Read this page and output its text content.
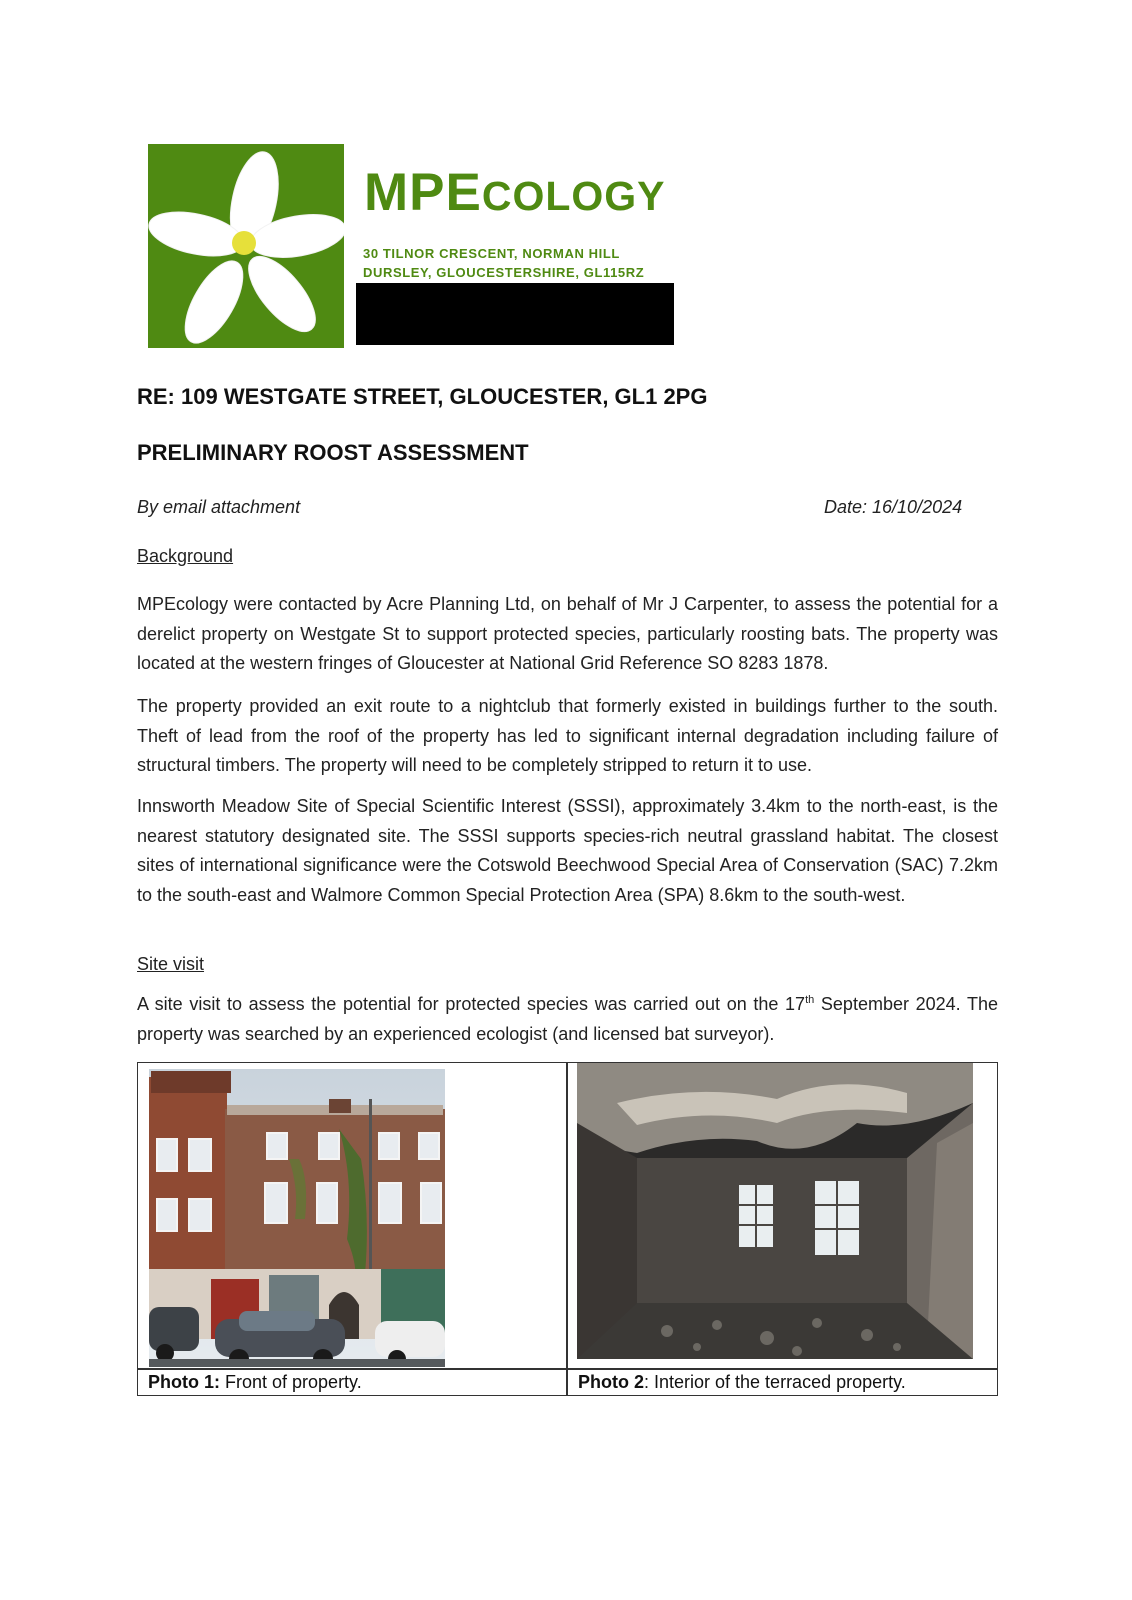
MPECOLOGY
30 TILNOR CRESCENT, NORMAN HILL
DURSLEY, GLOUCESTERSHIRE, GL115RZ
RE: 109 WESTGATE STREET, GLOUCESTER, GL1 2PG
PRELIMINARY ROOST ASSESSMENT
By email attachment	Date: 16/10/2024
Background

MPEcology were contacted by Acre Planning Ltd, on behalf of Mr J Carpenter, to assess the potential for a derelict property on Westgate St to support protected species, particularly roosting bats. The property was located at the western fringes of Gloucester at National Grid Reference SO 8283 1878.

The property provided an exit route to a nightclub that formerly existed in buildings further to the south. Theft of lead from the roof of the property has led to significant internal degradation including failure of structural timbers. The property will need to be completely stripped to return it to use.

Innsworth Meadow Site of Special Scientific Interest (SSSI), approximately 3.4km to the north-east, is the nearest statutory designated site. The SSSI supports species-rich neutral grassland habitat. The closest sites of international significance were the Cotswold Beechwood Special Area of Conservation (SAC) 7.2km to the south-east and Walmore Common Special Protection Area (SPA) 8.6km to the south-west.

Site visit

A site visit to assess the potential for protected species was carried out on the 17th September 2024. The property was searched by an experienced ecologist (and licensed bat surveyor).

Photo 1: Front of property.	Photo 2: Interior of the terraced property.
